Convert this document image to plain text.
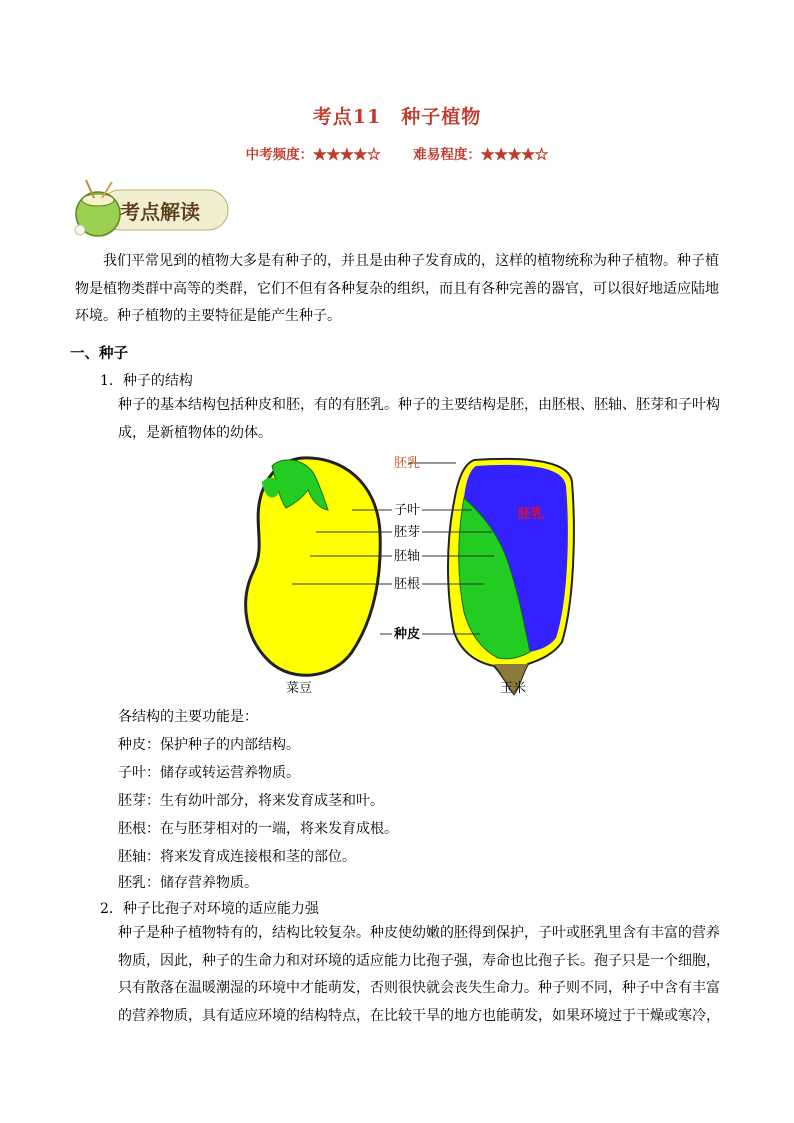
考点11　种子植物
中考频度：★★★★☆ 难易程度：★★★★☆
考点解读
我们平常见到的植物大多是有种子的，并且是由种子发育成的，这样的植物统称为种子植物。种子植物是植物类群中高等的类群，它们不但有各种复杂的组织，而且有各种完善的器官，可以很好地适应陆地环境。种子植物的主要特征是能产生种子。
一、种子
1．种子的结构
种子的基本结构包括种皮和胚，有的有胚乳。种子的主要结构是胚，由胚根、胚轴、胚芽和子叶构成，是新植物体的幼体。
胚乳
胚乳
子叶
胚芽
胚轴
胚根
种皮
菜豆	玉米
各结构的主要功能是：
种皮：保护种子的内部结构。
子叶：储存或转运营养物质。
胚芽：生有幼叶部分，将来发育成茎和叶。
胚根：在与胚芽相对的一端，将来发育成根。
胚轴：将来发育成连接根和茎的部位。
胚乳：储存营养物质。
2．种子比孢子对环境的适应能力强
种子是种子植物特有的，结构比较复杂。种皮使幼嫩的胚得到保护，子叶或胚乳里含有丰富的营养物质，因此，种子的生命力和对环境的适应能力比孢子强，寿命也比孢子长。孢子只是一个细胞，只有散落在温暖潮湿的环境中才能萌发，否则很快就会丧失生命力。种子则不同，种子中含有丰富的营养物质，具有适应环境的结构特点，在比较干旱的地方也能萌发，如果环境过于干燥或寒冷，
